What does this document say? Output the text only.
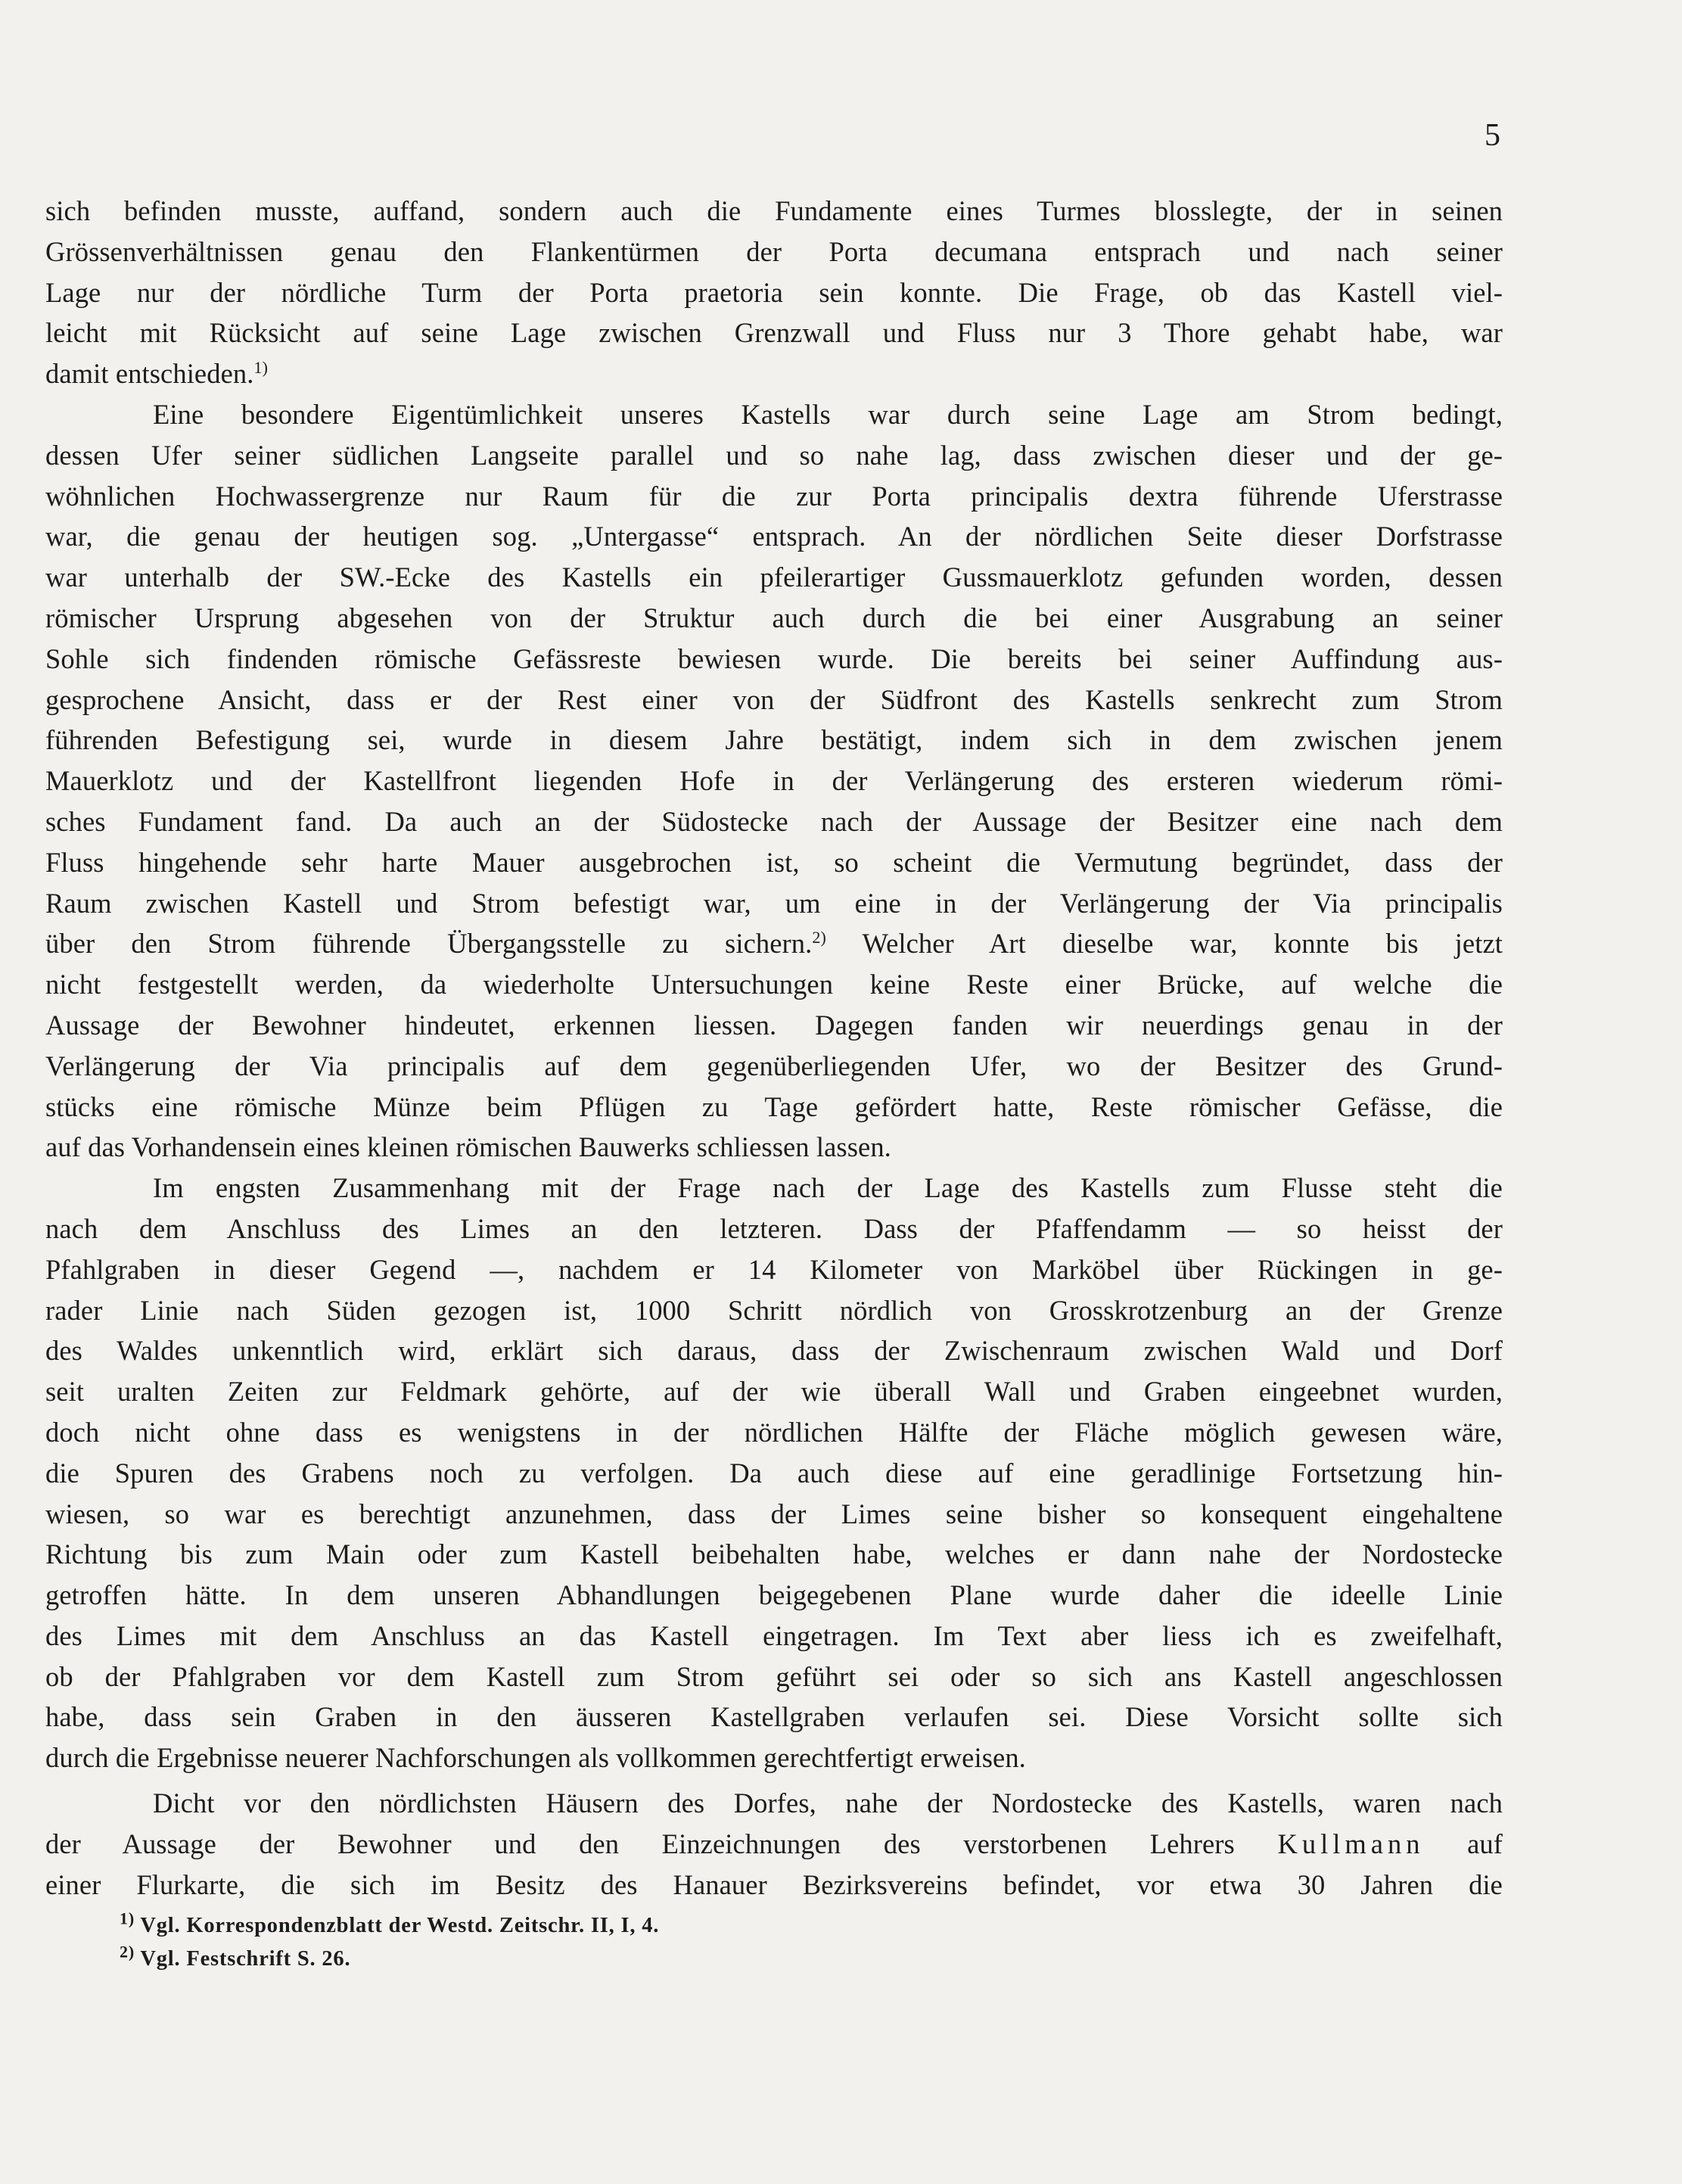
5
sich befinden musste, auffand, sondern auch die Fundamente eines Turmes blosslegte, der in seinen
Grössenverhältnissen genau den Flankentürmen der Porta decumana entsprach und nach seiner
Lage nur der nördliche Turm der Porta praetoria sein konnte. Die Frage, ob das Kastell viel-
leicht mit Rücksicht auf seine Lage zwischen Grenzwall und Fluss nur 3 Thore gehabt habe, war
damit entschieden.$^{1)}$
Eine besondere Eigentümlichkeit unseres Kastells war durch seine Lage am Strom bedingt,
dessen Ufer seiner südlichen Langseite parallel und so nahe lag, dass zwischen dieser und der ge-
wöhnlichen Hochwassergrenze nur Raum für die zur Porta principalis dextra führende Uferstrasse
war, die genau der heutigen sog. „Untergasse“ entsprach. An der nördlichen Seite dieser Dorfstrasse
war unterhalb der SW.-Ecke des Kastells ein pfeilerartiger Gussmauerklotz gefunden worden, dessen
römischer Ursprung abgesehen von der Struktur auch durch die bei einer Ausgrabung an seiner
Sohle sich findenden römische Gefässreste bewiesen wurde. Die bereits bei seiner Auffindung aus-
gesprochene Ansicht, dass er der Rest einer von der Südfront des Kastells senkrecht zum Strom
führenden Befestigung sei, wurde in diesem Jahre bestätigt, indem sich in dem zwischen jenem
Mauerklotz und der Kastellfront liegenden Hofe in der Verlängerung des ersteren wiederum römi-
sches Fundament fand. Da auch an der Südostecke nach der Aussage der Besitzer eine nach dem
Fluss hingehende sehr harte Mauer ausgebrochen ist, so scheint die Vermutung begründet, dass der
Raum zwischen Kastell und Strom befestigt war, um eine in der Verlängerung der Via principalis
über den Strom führende Übergangsstelle zu sichern.$^{2)}$ Welcher Art dieselbe war, konnte bis jetzt
nicht festgestellt werden, da wiederholte Untersuchungen keine Reste einer Brücke, auf welche die
Aussage der Bewohner hindeutet, erkennen liessen. Dagegen fanden wir neuerdings genau in der
Verlängerung der Via principalis auf dem gegenüberliegenden Ufer, wo der Besitzer des Grund-
stücks eine römische Münze beim Pflügen zu Tage gefördert hatte, Reste römischer Gefässe, die
auf das Vorhandensein eines kleinen römischen Bauwerks schliessen lassen.
Im engsten Zusammenhang mit der Frage nach der Lage des Kastells zum Flusse steht die
nach dem Anschluss des Limes an den letzteren. Dass der Pfaffendamm — so heisst der
Pfahlgraben in dieser Gegend —, nachdem er 14 Kilometer von Marköbel über Rückingen in ge-
rader Linie nach Süden gezogen ist, 1000 Schritt nördlich von Grosskrotzenburg an der Grenze
des Waldes unkenntlich wird, erklärt sich daraus, dass der Zwischenraum zwischen Wald und Dorf
seit uralten Zeiten zur Feldmark gehörte, auf der wie überall Wall und Graben eingeebnet wurden,
doch nicht ohne dass es wenigstens in der nördlichen Hälfte der Fläche möglich gewesen wäre,
die Spuren des Grabens noch zu verfolgen. Da auch diese auf eine geradlinige Fortsetzung hin-
wiesen, so war es berechtigt anzunehmen, dass der Limes seine bisher so konsequent eingehaltene
Richtung bis zum Main oder zum Kastell beibehalten habe, welches er dann nahe der Nordostecke
getroffen hätte. In dem unseren Abhandlungen beigegebenen Plane wurde daher die ideelle Linie
des Limes mit dem Anschluss an das Kastell eingetragen. Im Text aber liess ich es zweifelhaft,
ob der Pfahlgraben vor dem Kastell zum Strom geführt sei oder so sich ans Kastell angeschlossen
habe, dass sein Graben in den äusseren Kastellgraben verlaufen sei. Diese Vorsicht sollte sich
durch die Ergebnisse neuerer Nachforschungen als vollkommen gerechtfertigt erweisen.
Dicht vor den nördlichsten Häusern des Dorfes, nahe der Nordostecke des Kastells, waren nach
der Aussage der Bewohner und den Einzeichnungen des verstorbenen Lehrers Kullmann auf
einer Flurkarte, die sich im Besitz des Hanauer Bezirksvereins befindet, vor etwa 30 Jahren die
$^{1)}$ Vgl. Korrespondenzblatt der Westd. Zeitschr. II, I, 4.
$^{2)}$ Vgl. Festschrift S. 26.
